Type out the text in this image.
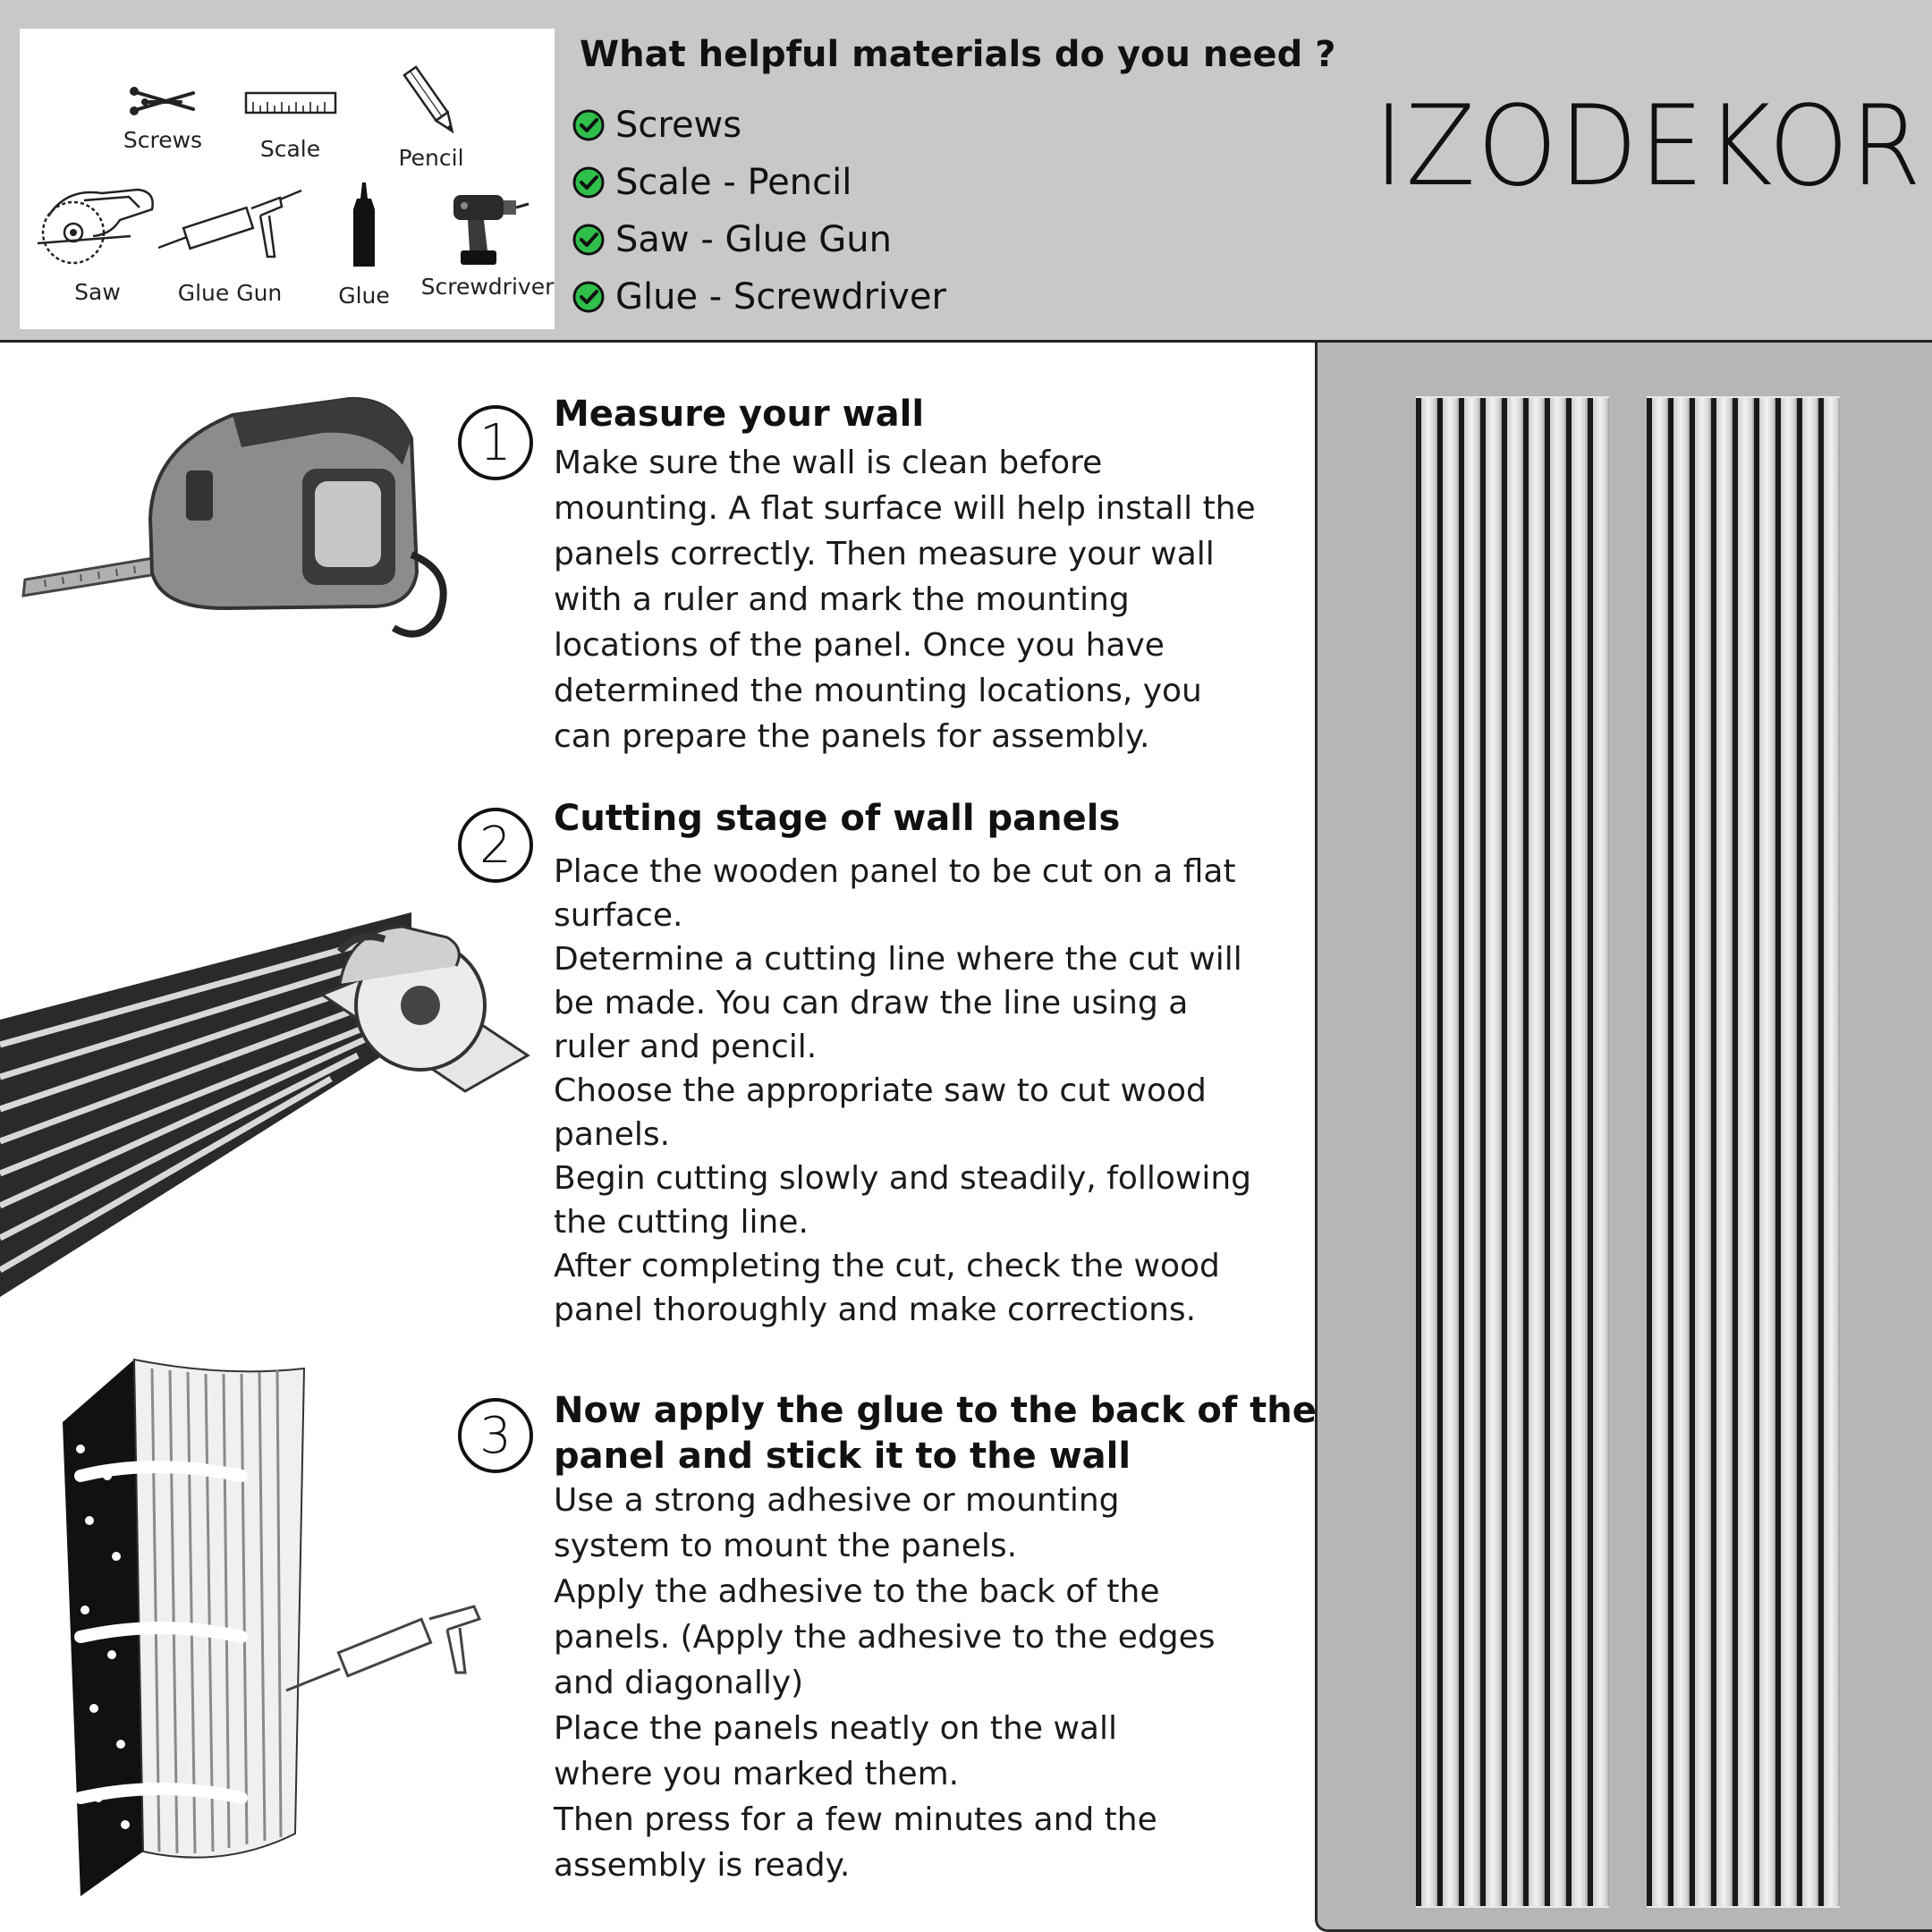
Screws	Scale	Pencil
Saw	Glue Gun	Glue	Screwdriver
What helpful materials do you need ?
Screws
Scale - Pencil
Saw - Glue Gun
Glue - Screwdriver
IZODEKOR
1	Measure your wall

Make sure the wall is clean before

mounting. A flat surface will help install the

panels correctly. Then measure your wall

with a ruler and mark the mounting

locations of the panel. Once you have

determined the mounting locations, you

can prepare the panels for assembly.

2	Cutting stage of wall panels

Place the wooden panel to be cut on a flat

surface.

Determine a cutting line where the cut will

be made. You can draw the line using a

ruler and pencil.

Choose the appropriate saw to cut wood

panels.

Begin cutting slowly and steadily, following

the cutting line.

After completing the cut, check the wood

panel thoroughly and make corrections.

3	Now apply the glue to the back of the
panel and stick it to the wall

Use a strong adhesive or mounting

system to mount the panels.

Apply the adhesive to the back of the

panels. (Apply the adhesive to the edges

and diagonally)

Place the panels neatly on the wall

where you marked them.

Then press for a few minutes and the

assembly is ready.
